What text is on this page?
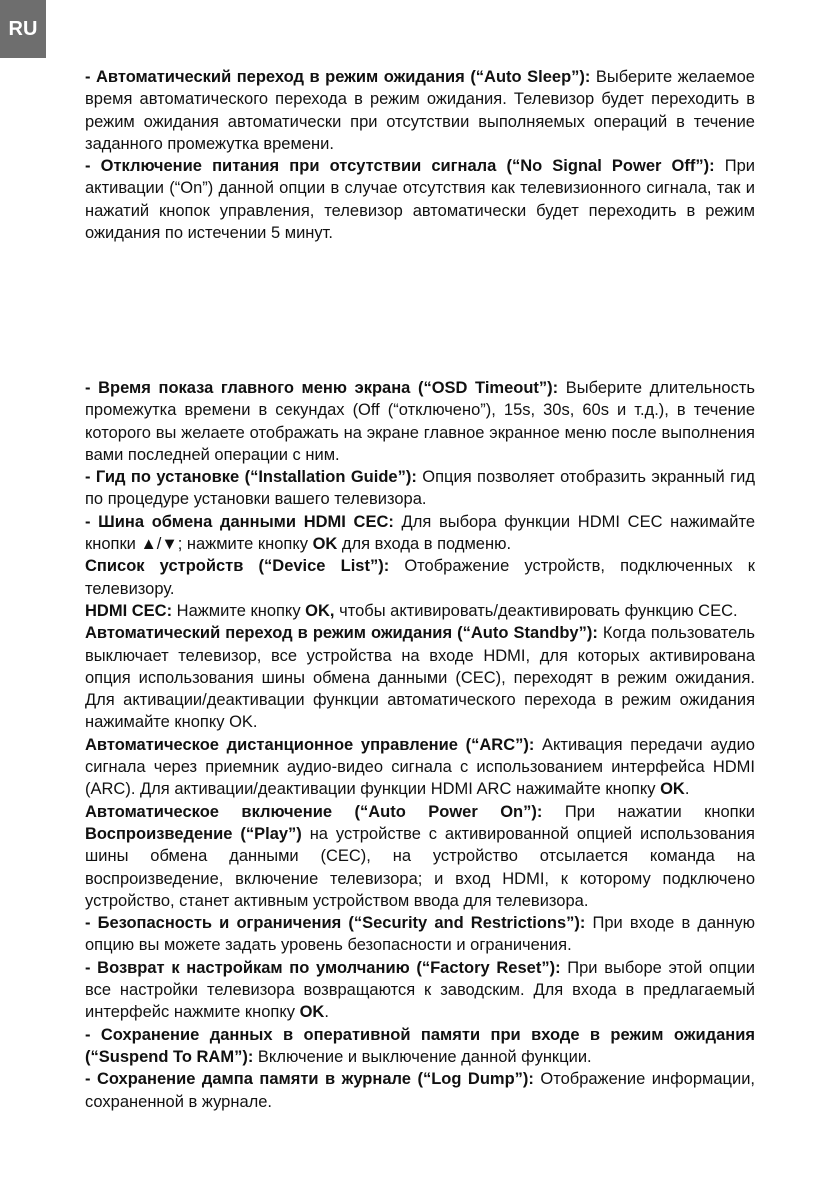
RU

- Автоматический переход в режим ожидания (“Auto Sleep”): Выберите желаемое время автоматического перехода в режим ожидания. Телевизор будет переходить в режим ожидания автоматически при отсутствии выполняемых операций в течение заданного промежутка времени.

- Отключение питания при отсутствии сигнала (“No Signal Power Off”): При активации (“On”) данной опции в случае отсутствия как телевизионного сигнала, так и нажатий кнопок управления, телевизор автоматически будет переходить в режим ожидания по истечении 5 минут.

- Время показа главного меню экрана (“OSD Timeout”): Выберите длительность промежутка времени в секундах (Off (“отключено”), 15s, 30s, 60s и т.д.), в течение которого вы желаете отображать на экране главное экранное меню после выполнения вами последней операции с ним.

- Гид по установке (“Installation Guide”): Опция позволяет отобразить экранный гид по процедуре установки вашего телевизора.

- Шина обмена данными HDMI CEC: Для выбора функции HDMI CEC нажимайте кнопки ▲/▼; нажмите кнопку OK для входа в подменю.

Список устройств (“Device List”): Отображение устройств, подключенных к телевизору.

HDMI CEC: Нажмите кнопку OK, чтобы активировать/деактивировать функцию CEC.

Автоматический переход в режим ожидания (“Auto Standby”): Когда пользователь выключает телевизор, все устройства на входе HDMI, для которых активирована опция использования шины обмена данными (CEC), переходят в режим ожидания. Для активации/деактивации функции автоматического перехода в режим ожидания нажимайте кнопку OK.

Автоматическое дистанционное управление (“ARC”): Активация передачи аудио сигнала через приемник аудио-видео сигнала с использованием интерфейса HDMI (ARC). Для активации/деактивации функции HDMI ARC нажимайте кнопку OK.

Автоматическое включение (“Auto Power On”): При нажатии кнопки Воспроизведение (“Play”) на устройстве с активированной опцией использования шины обмена данными (CEC), на устройство отсылается команда на воспроизведение, включение телевизора; и вход HDMI, к которому подключено устройство, станет активным устройством ввода для телевизора.

- Безопасность и ограничения (“Security and Restrictions”): При входе в данную опцию вы можете задать уровень безопасности и ограничения.

- Возврат к настройкам по умолчанию (“Factory Reset”): При выборе этой опции все настройки телевизора возвращаются к заводским. Для входа в предлагаемый интерфейс нажмите кнопку OK.

- Сохранение данных в оперативной памяти при входе в режим ожидания (“Suspend To RAM”): Включение и выключение данной функции.

- Сохранение дампа памяти в журнале (“Log Dump”): Отображение информации, сохраненной в журнале.
